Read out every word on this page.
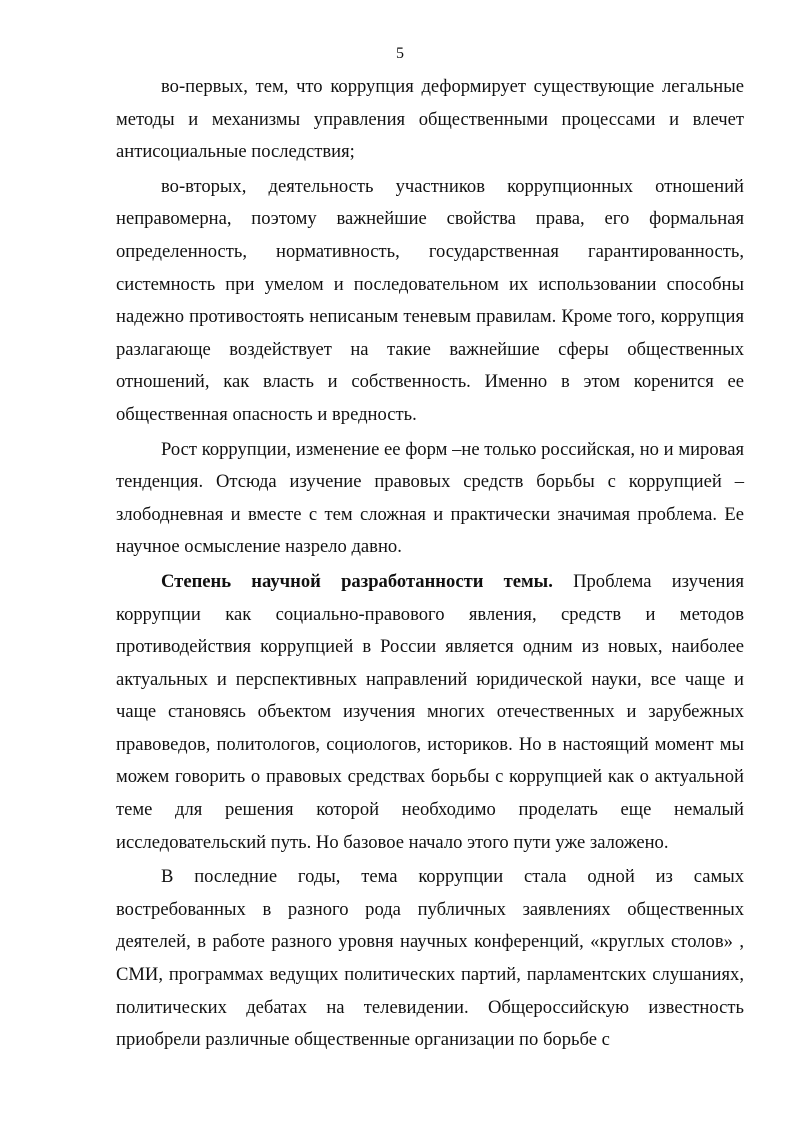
5

во-первых, тем, что коррупция деформирует существующие легальные методы и механизмы управления общественными процессами и влечет антисоциальные последствия;

во-вторых, деятельность участников коррупционных отношений неправомерна, поэтому важнейшие свойства права, его формальная определенность, нормативность, государственная гарантированность, системность при умелом и последовательном их использовании способны надежно противостоять неписаным теневым правилам. Кроме того, коррупция разлагающе воздействует на такие важнейшие сферы общественных отношений, как власть и собственность. Именно в этом коренится ее общественная опасность и вредность.

Рост коррупции, изменение ее форм –не только российская, но и мировая тенденция. Отсюда изучение правовых средств борьбы с коррупцией –злободневная и вместе с тем сложная и практически значимая проблема. Ее научное осмысление назрело давно.

Степень научной разработанности темы. Проблема изучения коррупции как социально-правового явления, средств и методов противодействия коррупцией в России является одним из новых, наиболее актуальных и перспективных направлений юридической науки, все чаще и чаще становясь объектом изучения многих отечественных и зарубежных правоведов, политологов, социологов, историков. Но в настоящий момент мы можем говорить о правовых средствах борьбы с коррупцией как о актуальной теме для решения которой необходимо проделать еще немалый исследовательский путь. Но базовое начало этого пути уже заложено.

В последние годы, тема коррупции стала одной из самых востребованных в разного рода публичных заявлениях общественных деятелей, в работе разного уровня научных конференций, «круглых столов» , СМИ, программах ведущих политических партий, парламентских слушаниях, политических дебатах на телевидении. Общероссийскую известность приобрели различные общественные организации по борьбе с
